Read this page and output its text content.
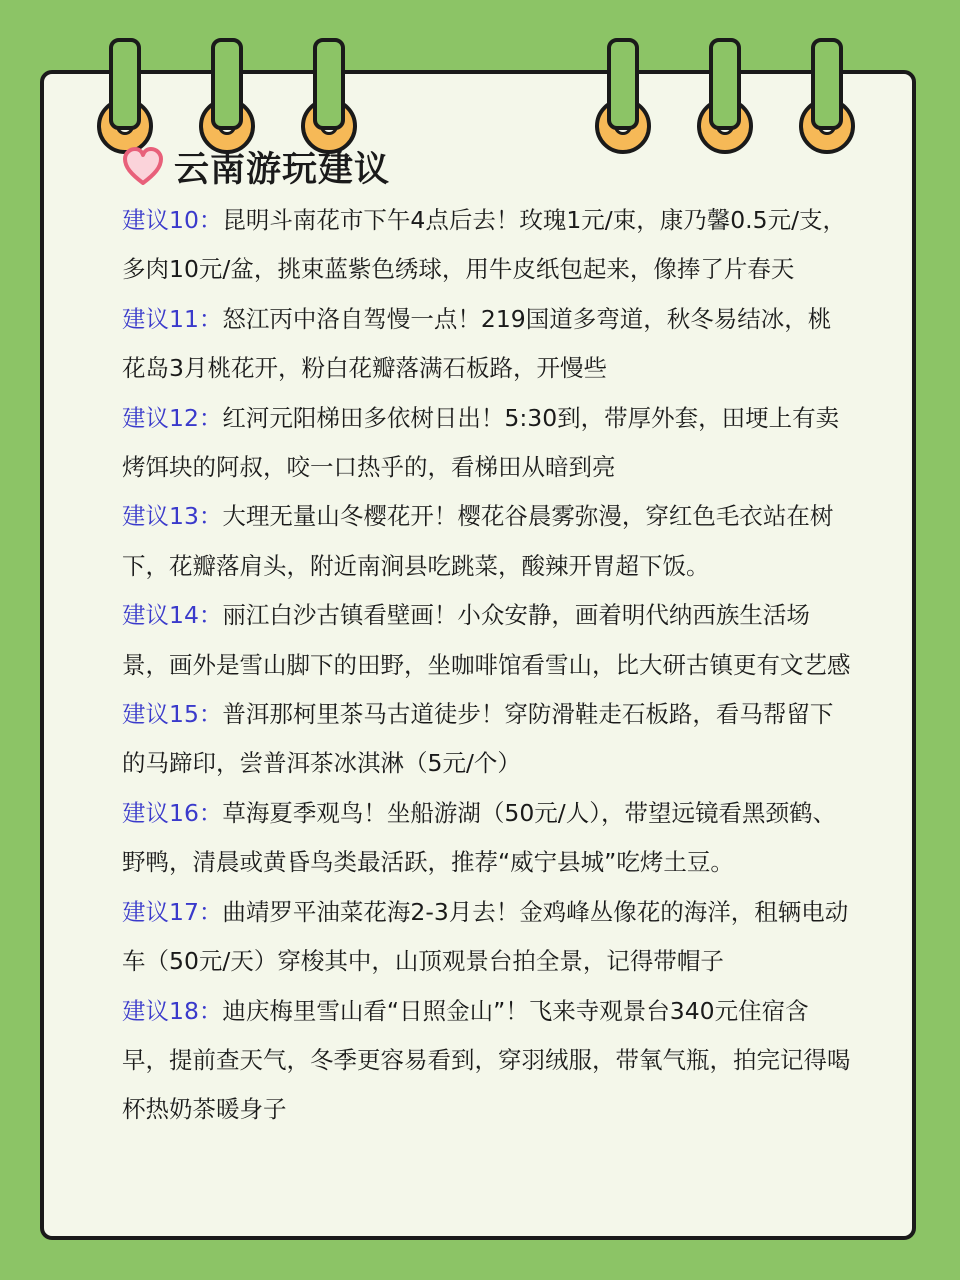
云南游玩建议

建议10：昆明斗南花市下午4点后去！玫瑰1元/束，康乃馨0.5元/支，多肉10元/盆，挑束蓝紫色绣球，用牛皮纸包起来，像捧了片春天

建议11：怒江丙中洛自驾慢一点！219国道多弯道，秋冬易结冰，桃花岛3月桃花开，粉白花瓣落满石板路，开慢些

建议12：红河元阳梯田多依树日出！5:30到，带厚外套，田埂上有卖烤饵块的阿叔，咬一口热乎的，看梯田从暗到亮

建议13：大理无量山冬樱花开！樱花谷晨雾弥漫，穿红色毛衣站在树下，花瓣落肩头，附近南涧县吃跳菜，酸辣开胃超下饭。

建议14：丽江白沙古镇看壁画！小众安静，画着明代纳西族生活场景，画外是雪山脚下的田野，坐咖啡馆看雪山，比大研古镇更有文艺感

建议15：普洱那柯里茶马古道徒步！穿防滑鞋走石板路，看马帮留下的马蹄印，尝普洱茶冰淇淋（5元/个）

建议16：草海夏季观鸟！坐船游湖（50元/人），带望远镜看黑颈鹤、野鸭，清晨或黄昏鸟类最活跃，推荐“威宁县城”吃烤土豆。

建议17：曲靖罗平油菜花海2-3月去！金鸡峰丛像花的海洋，租辆电动车（50元/天）穿梭其中，山顶观景台拍全景，记得带帽子

建议18：迪庆梅里雪山看“日照金山”！飞来寺观景台340元住宿含早，提前查天气，冬季更容易看到，穿羽绒服，带氧气瓶，拍完记得喝杯热奶茶暖身子
